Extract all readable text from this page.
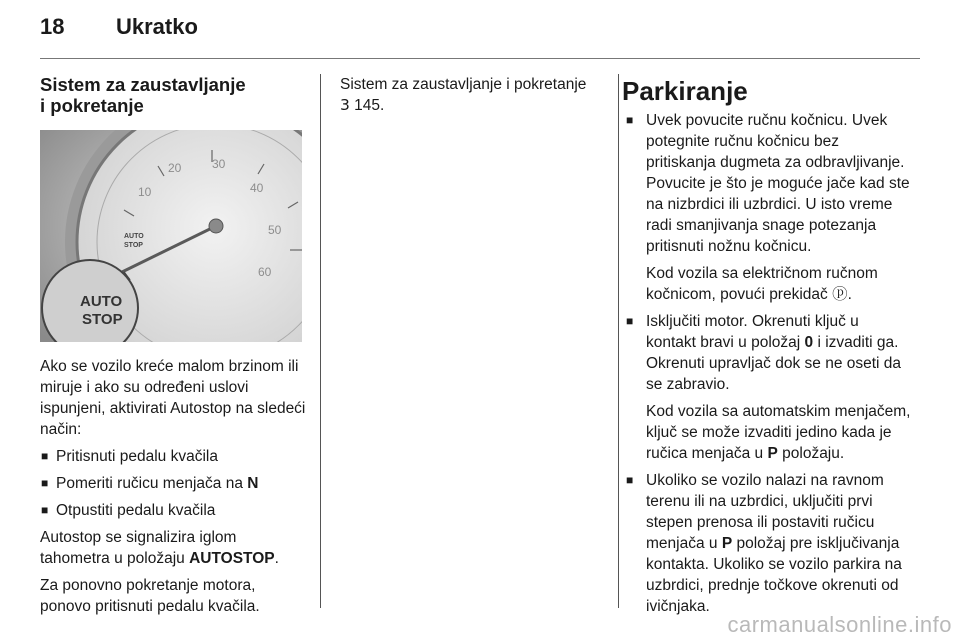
18 Ukratko
Sistem za zaustavljanje
i pokretanje
10
20	30
40
50
60
AUTO
STOP
AUTO
STOP

Ako se vozilo kreće malom brzinom ili miruje i ako su određeni uslovi ispunjeni, aktivirati Autostop na sledeći način:

■ Pritisnuti pedalu kvačila
■ Pomeriti ručicu menjača na N
■ Otpustiti pedalu kvačila

Autostop se signalizira iglom tahometra u položaju AUTOSTOP.

Za ponovno pokretanje motora, ponovo pritisnuti pedalu kvačila.

Sistem za zaustavljanje i pokretanje
3 145.	Parkiranje
■ Uvek povucite ručnu kočnicu. Uvek potegnite ručnu kočnicu bez pritiskanja dugmeta za odbravljivanje. Povucite je što je moguće jače kad ste na nizbrdici ili uzbrdici. U isto vreme radi smanjivanja snage potezanja pritisnuti nožnu kočnicu.
Kod vozila sa električnom ručnom kočnicom, povući prekidač ⓟ.
■ Isključiti motor. Okrenuti ključ u kontakt bravi u položaj 0 i izvaditi ga. Okrenuti upravljač dok se ne oseti da se zabravio.
Kod vozila sa automatskim menjačem, ključ se može izvaditi jedino kada je ručica menjača u P položaju.
■ Ukoliko se vozilo nalazi na ravnom terenu ili na uzbrdici, uključiti prvi stepen prenosa ili postaviti ručicu menjača u P položaj pre isključivanja kontakta. Ukoliko se vozilo parkira na uzbrdici, prednje točkove okrenuti od ivičnjaka.
carmanualsonline.info
